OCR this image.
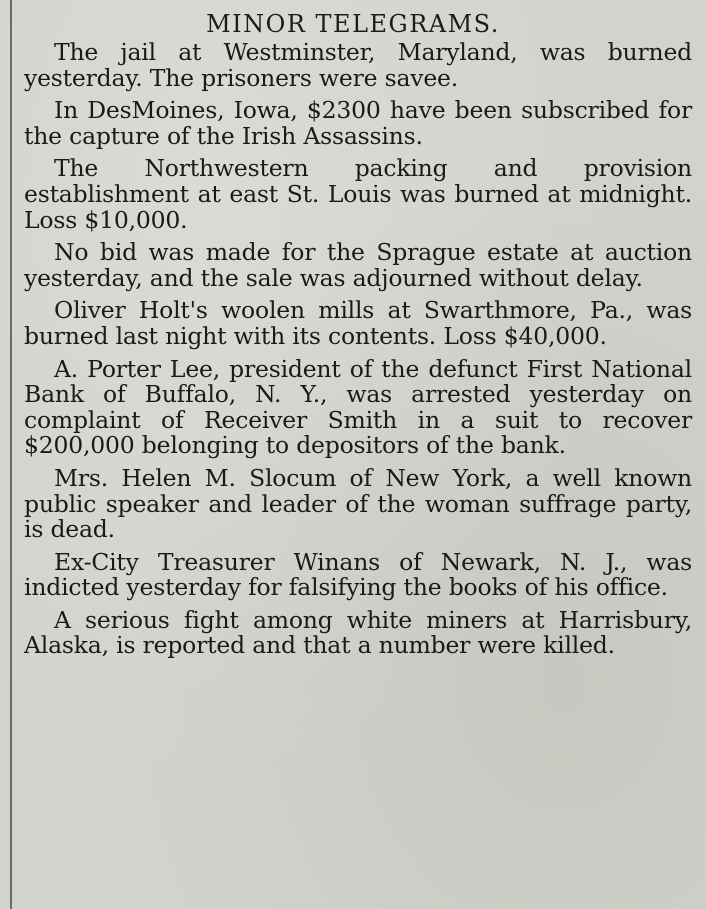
MINOR TELEGRAMS.

The jail at Westminster, Maryland, was burned yesterday. The prisoners were savee.

In DesMoines, Iowa, $2300 have been subscribed for the capture of the Irish Assassins.

The Northwestern packing and provision establishment at east St. Louis was burned at midnight. Loss $10,000.

No bid was made for the Sprague estate at auction yesterday, and the sale was adjourned without delay.

Oliver Holt's woolen mills at Swarthmore, Pa., was burned last night with its contents. Loss $40,000.

A. Porter Lee, president of the defunct First National Bank of Buffalo, N. Y., was arrested yesterday on complaint of Receiver Smith in a suit to recover $200,000 belonging to depositors of the bank.

Mrs. Helen M. Slocum of New York, a well known public speaker and leader of the woman suffrage party, is dead.

Ex-City Treasurer Winans of Newark, N. J., was indicted yesterday for falsifying the books of his office.

A serious fight among white miners at Harrisbury, Alaska, is reported and that a number were killed.
